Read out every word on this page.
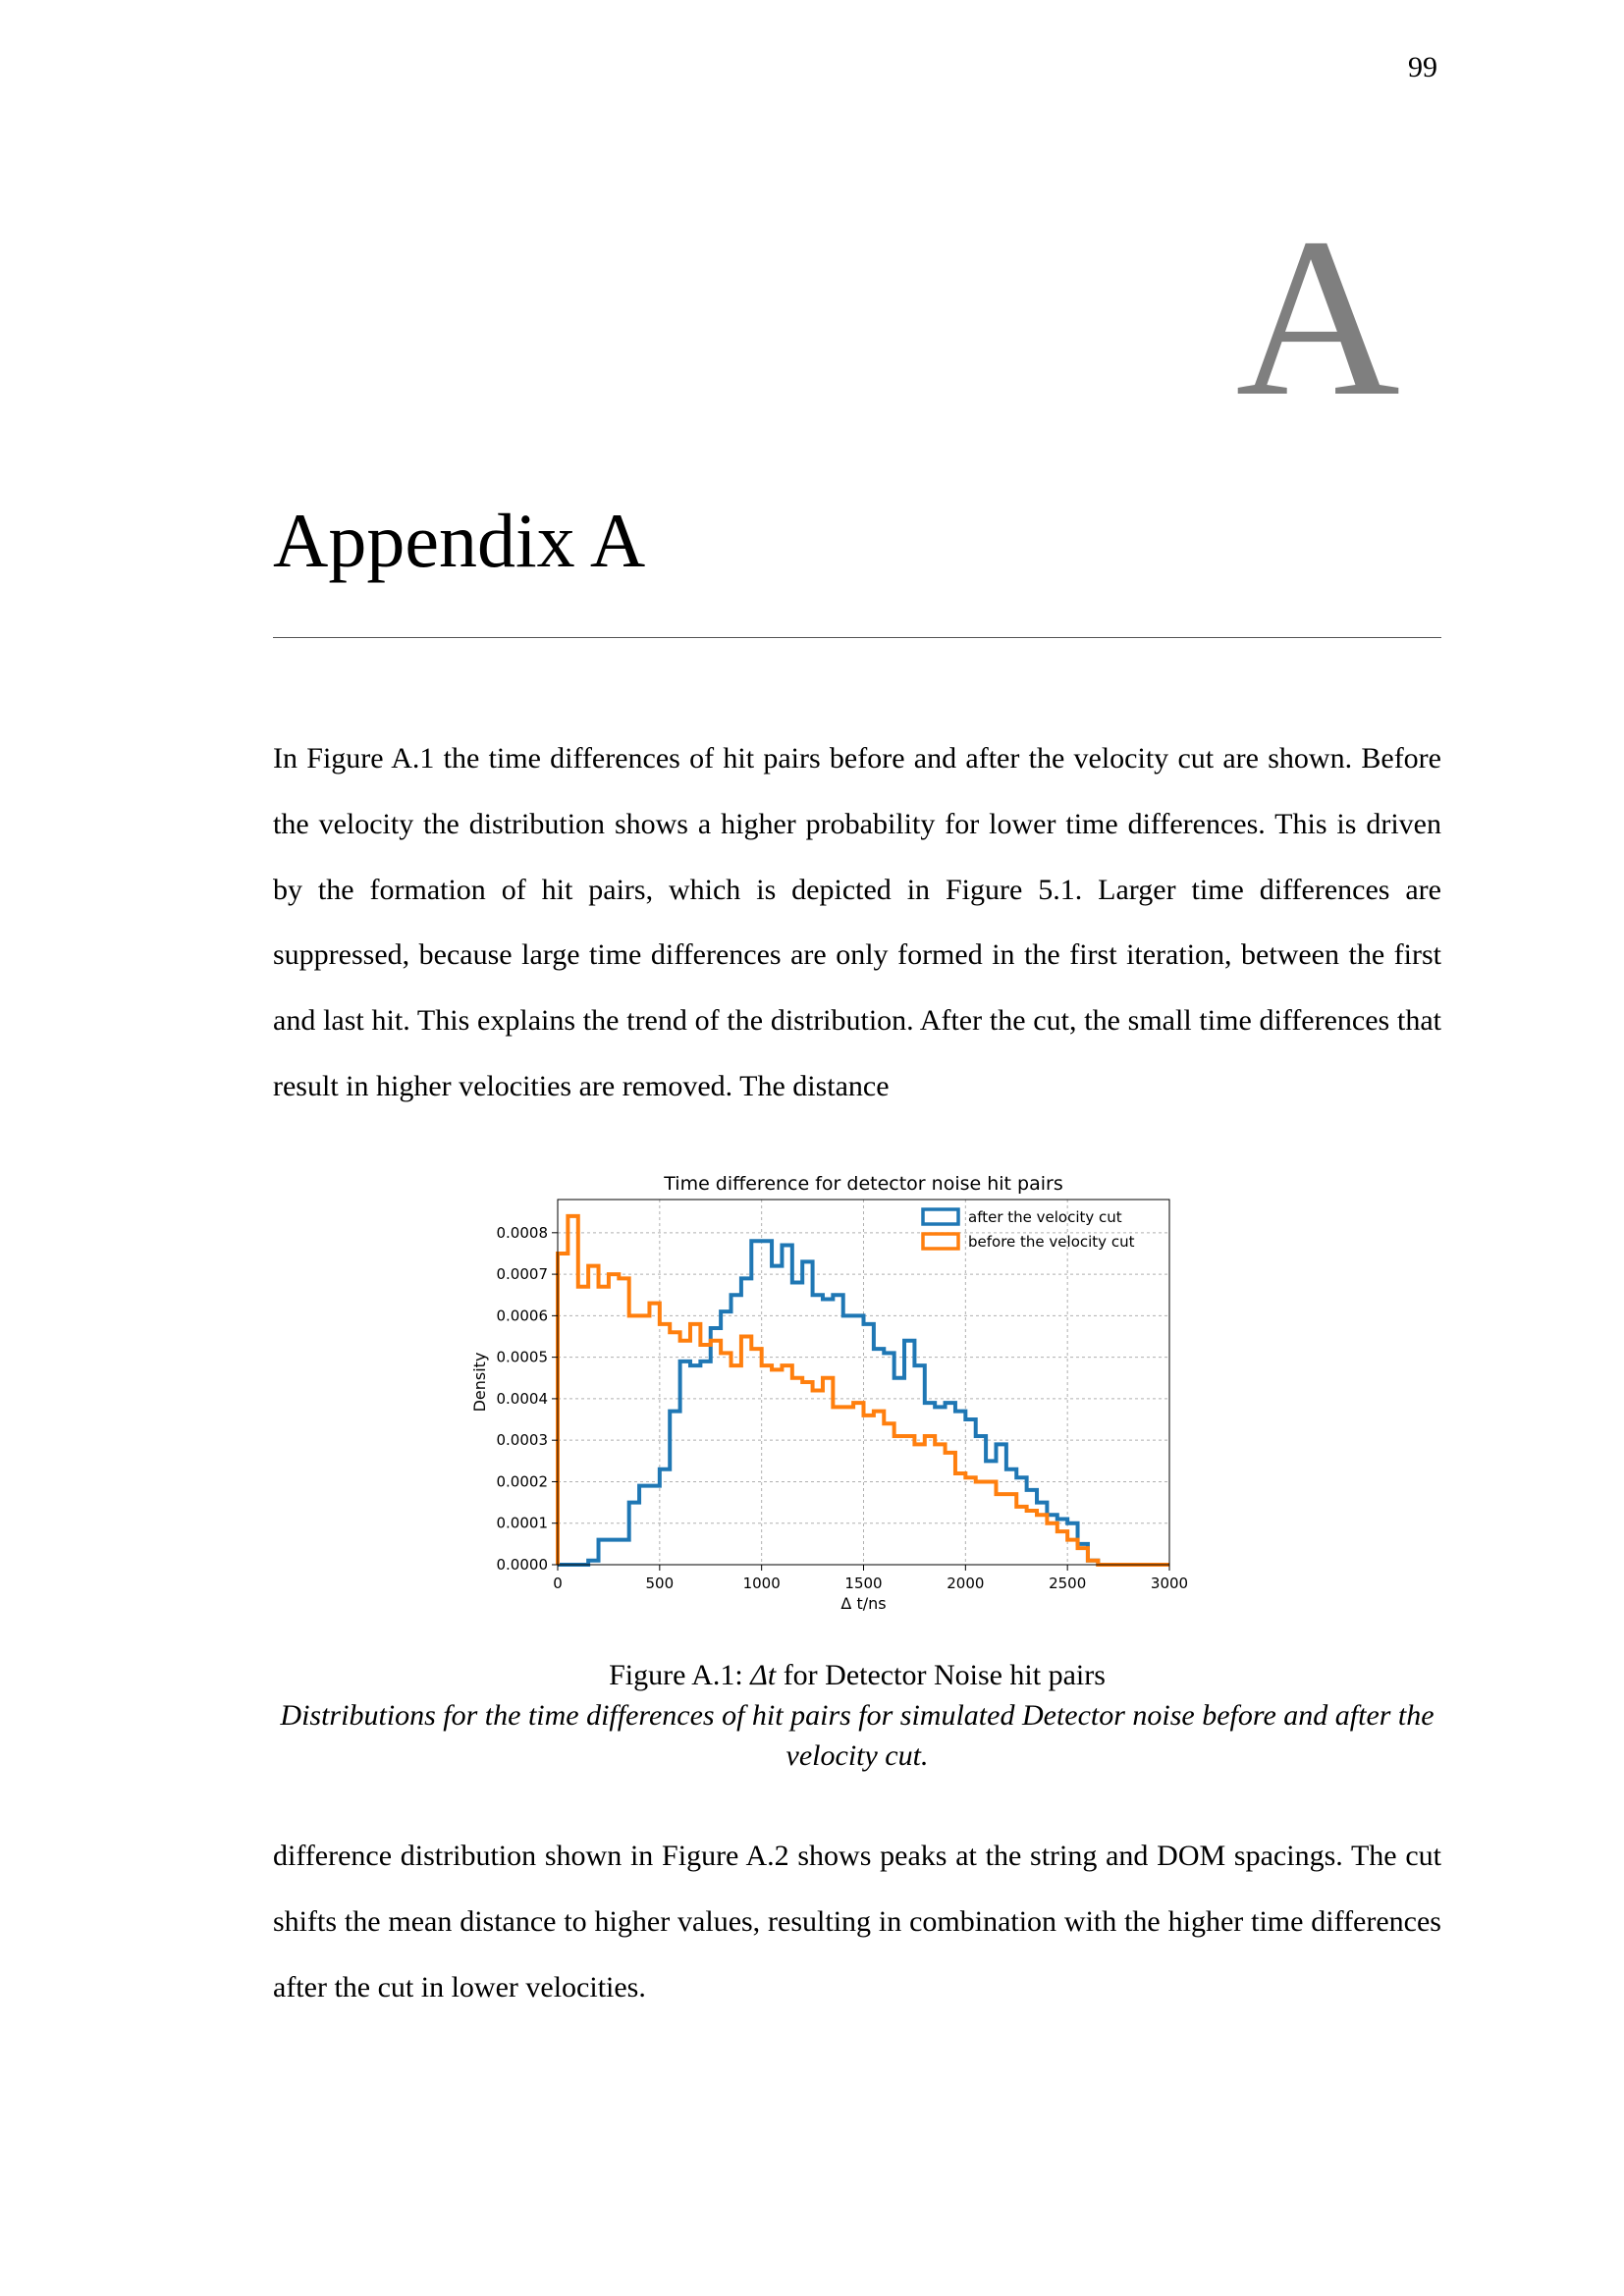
99
A
Appendix A

In Figure A.1 the time differences of hit pairs before and after the velocity cut are shown. Before the velocity the distribution shows a higher probability for lower time differences. This is driven by the formation of hit pairs, which is depicted in Figure 5.1. Larger time differences are suppressed, because large time differences are only formed in the first iteration, between the first and last hit. This explains the trend of the distribution. After the cut, the small time differences that result in higher velocities are removed. The distance

0	500	1000	1500	2000	2500	3000
0.0000
0.0001
0.0002
0.0003
0.0004
0.0005
0.0006
0.0007
0.0008
Time difference for detector noise hit pairs
Δ t/ns
Density
after the velocity cut
before the velocity cut
Figure A.1: Δt for Detector Noise hit pairs
Distributions for the time differences of hit pairs for simulated Detector noise before and after the velocity cut.

difference distribution shown in Figure A.2 shows peaks at the string and DOM spacings. The cut shifts the mean distance to higher values, resulting in combination with the higher time differences after the cut in lower velocities.
